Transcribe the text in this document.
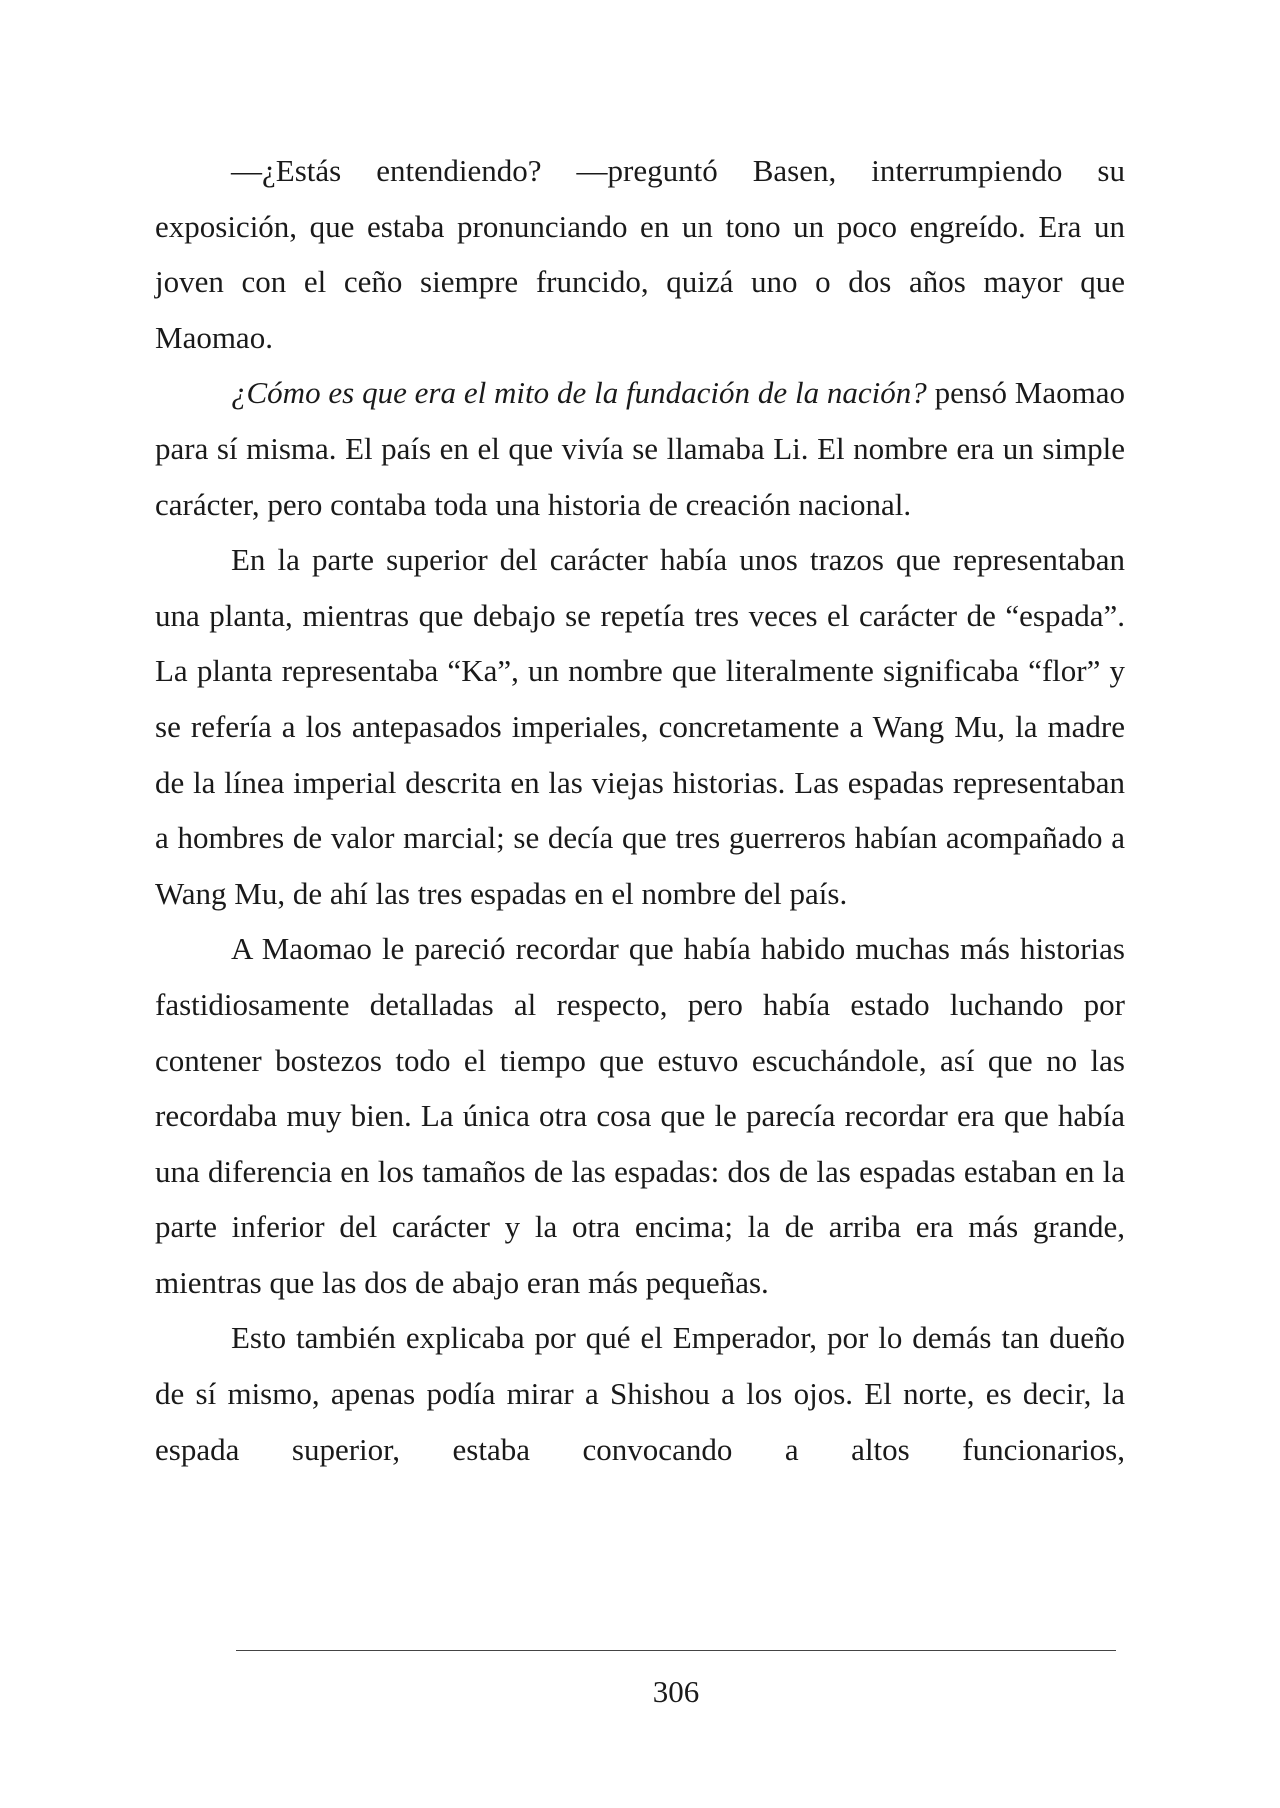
—¿Estás entendiendo? —preguntó Basen, interrumpiendo su exposición, que estaba pronunciando en un tono un poco engreído. Era un joven con el ceño siempre fruncido, quizá uno o dos años mayor que Maomao.

¿Cómo es que era el mito de la fundación de la nación? pensó Maomao para sí misma. El país en el que vivía se llamaba Li. El nombre era un simple carácter, pero contaba toda una historia de creación nacional.

En la parte superior del carácter había unos trazos que representaban una planta, mientras que debajo se repetía tres veces el carácter de “espada”. La planta representaba “Ka”, un nombre que literalmente significaba “flor” y se refería a los antepasados imperiales, concretamente a Wang Mu, la madre de la línea imperial descrita en las viejas historias. Las espadas representaban a hombres de valor marcial; se decía que tres guerreros habían acompañado a Wang Mu, de ahí las tres espadas en el nombre del país.

A Maomao le pareció recordar que había habido muchas más historias fastidiosamente detalladas al respecto, pero había estado luchando por contener bostezos todo el tiempo que estuvo escuchándole, así que no las recordaba muy bien. La única otra cosa que le parecía recordar era que había una diferencia en los tamaños de las espadas: dos de las espadas estaban en la parte inferior del carácter y la otra encima; la de arriba era más grande, mientras que las dos de abajo eran más pequeñas.

Esto también explicaba por qué el Emperador, por lo demás tan dueño de sí mismo, apenas podía mirar a Shishou a los ojos. El norte, es decir, la espada superior, estaba convocando a altos funcionarios,

306
